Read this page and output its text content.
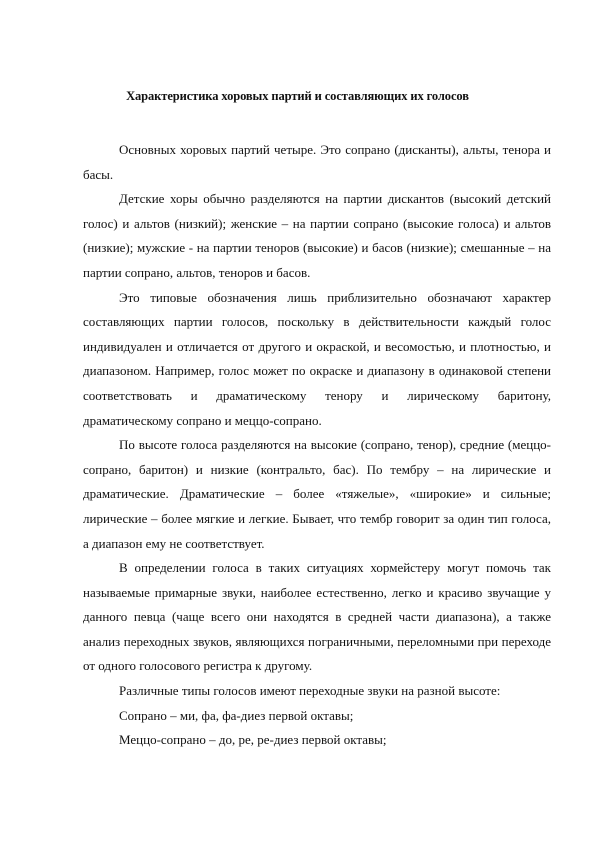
Характеристика хоровых партий и составляющих их голосов

Основных хоровых партий четыре. Это сопрано (дисканты), альты, тенора и басы.

Детские хоры обычно разделяются на партии дискантов (высокий детский голос) и альтов (низкий); женские – на партии сопрано (высокие голоса) и альтов (низкие); мужские - на партии теноров (высокие) и басов (низкие); смешанные – на партии сопрано, альтов, теноров и басов.

Это типовые обозначения лишь приблизительно обозначают характер составляющих партии голосов, поскольку в действительности каждый голос индивидуален и отличается от другого и окраской, и весомостью, и плотностью, и диапазоном. Например, голос может по окраске и диапазону в одинаковой степени соответствовать и драматическому тенору и лирическому баритону, драматическому сопрано и меццо-сопрано.

По высоте голоса разделяются на высокие (сопрано, тенор), средние (меццо-сопрано, баритон) и низкие (контральто, бас). По тембру – на лирические и драматические. Драматические – более «тяжелые», «широкие» и сильные; лирические – более мягкие и легкие. Бывает, что тембр говорит за один тип голоса, а диапазон ему не соответствует.

В определении голоса в таких ситуациях хормейстеру могут помочь так называемые примарные звуки, наиболее естественно, легко и красиво звучащие у данного певца (чаще всего они находятся в средней части диапазона), а также анализ переходных звуков, являющихся пограничными, переломными при переходе от одного голосового регистра к другому.

Различные типы голосов имеют переходные звуки на разной высоте:

Сопрано – ми, фа, фа-диез первой октавы;

Меццо-сопрано – до, ре, ре-диез первой октавы;
